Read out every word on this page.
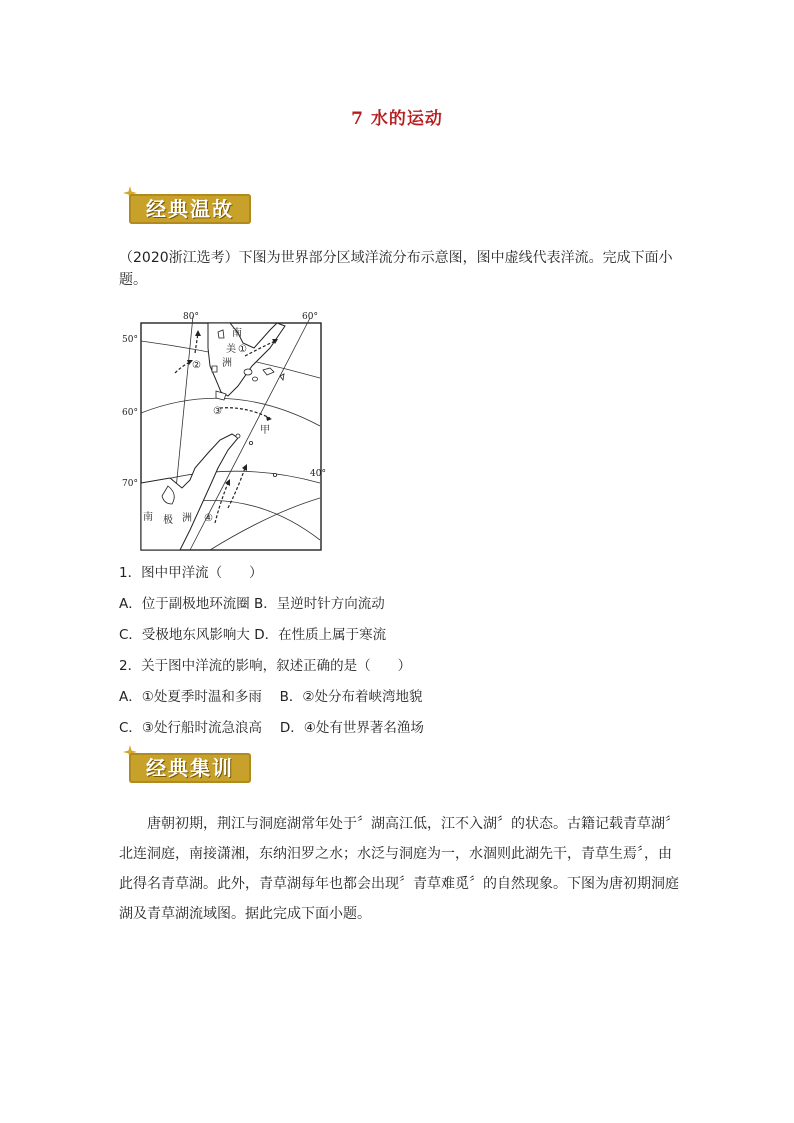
7 水的运动
经典温故
（2020浙江选考）下图为世界部分区域洋流分布示意图，图中虚线代表洋流。完成下面小题。
80°	60°
40°
50°
60°
70°
南
美
洲
①
②
③
甲
④
南 极 洲
1．图中甲洋流（　　）
A．位于副极地环流圈 B．呈逆时针方向流动
C．受极地东风影响大 D．在性质上属于寒流
2．关于图中洋流的影响，叙述正确的是（　　）
A．①处夏季时温和多雨　 B．②处分布着峡湾地貌
C．③处行船时流急浪高　 D．④处有世界著名渔场
经典集训
唐朝初期，荆江与洞庭湖常年处于〞湖高江低，江不入湖〞的状态。古籍记载青草湖〞北连洞庭，南接潇湘，东纳汨罗之水；水泛与洞庭为一，水涸则此湖先干，青草生焉〞，由此得名青草湖。此外，青草湖每年也都会出现〞青草难觅〞的自然现象。下图为唐初期洞庭湖及青草湖流域图。据此完成下面小题。
